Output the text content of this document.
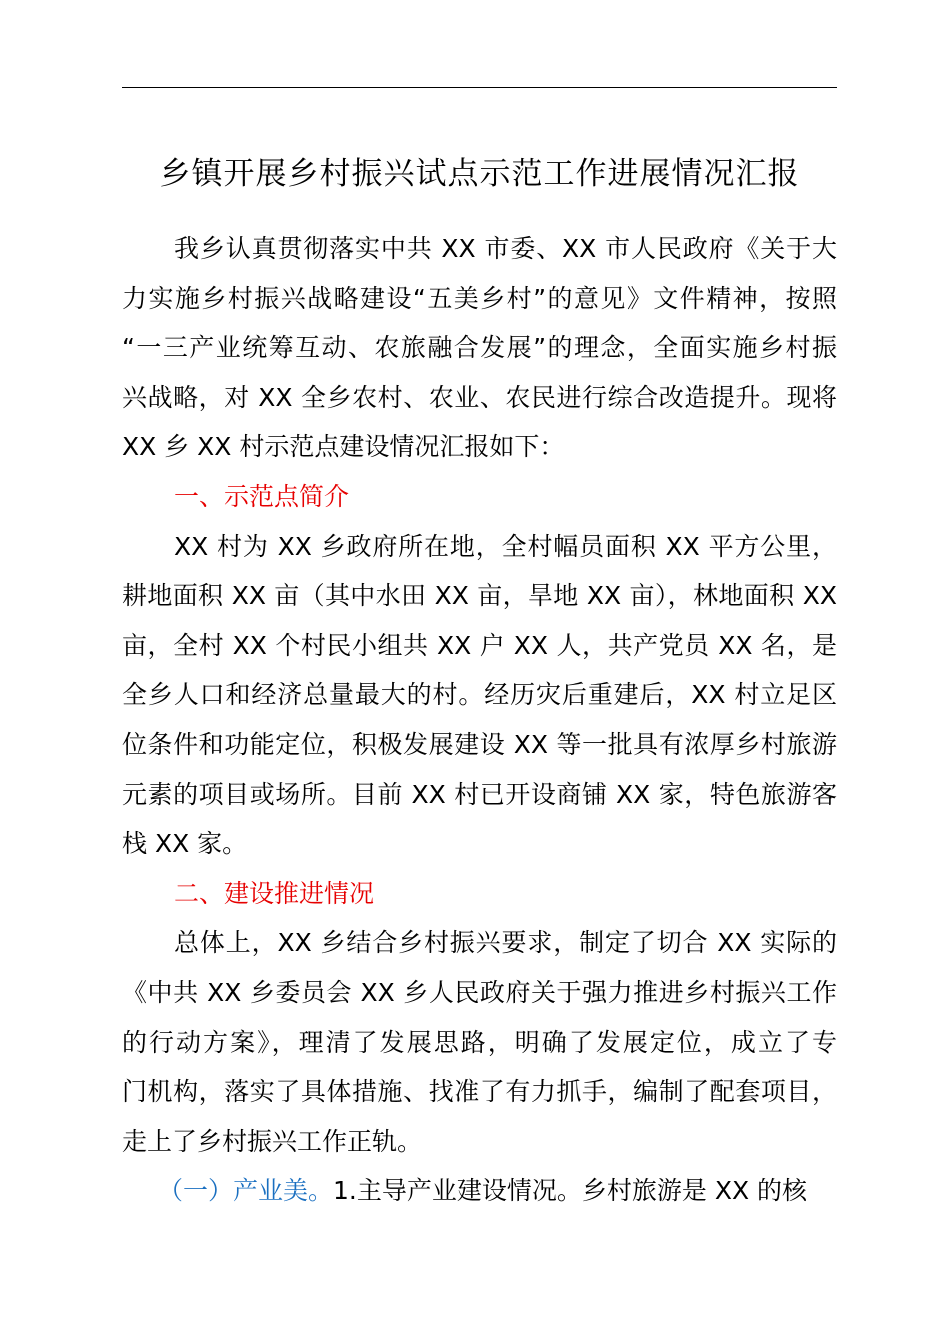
乡镇开展乡村振兴试点示范工作进展情况汇报
我乡认真贯彻落实中共 XX 市委、XX 市人民政府《关于大
力实施乡村振兴战略建设“五美乡村”的意见》文件精神，按照
“一三产业统筹互动、农旅融合发展”的理念，全面实施乡村振
兴战略，对 XX 全乡农村、农业、农民进行综合改造提升。现将
XX 乡 XX 村示范点建设情况汇报如下：
一、示范点简介
XX 村为 XX 乡政府所在地，全村幅员面积 XX 平方公里，
耕地面积 XX 亩（其中水田 XX 亩，旱地 XX 亩），林地面积 XX
亩，全村 XX 个村民小组共 XX 户 XX 人，共产党员 XX 名，是
全乡人口和经济总量最大的村。经历灾后重建后，XX 村立足区
位条件和功能定位，积极发展建设 XX 等一批具有浓厚乡村旅游
元素的项目或场所。目前 XX 村已开设商铺 XX 家，特色旅游客
栈 XX 家。
二、建设推进情况
总体上，XX 乡结合乡村振兴要求，制定了切合 XX 实际的
《中共 XX 乡委员会 XX 乡人民政府关于强力推进乡村振兴工作
的行动方案》，理清了发展思路，明确了发展定位，成立了专
门机构，落实了具体措施、找准了有力抓手，编制了配套项目，
走上了乡村振兴工作正轨。
（一）产业美。1.主导产业建设情况。乡村旅游是 XX 的核
